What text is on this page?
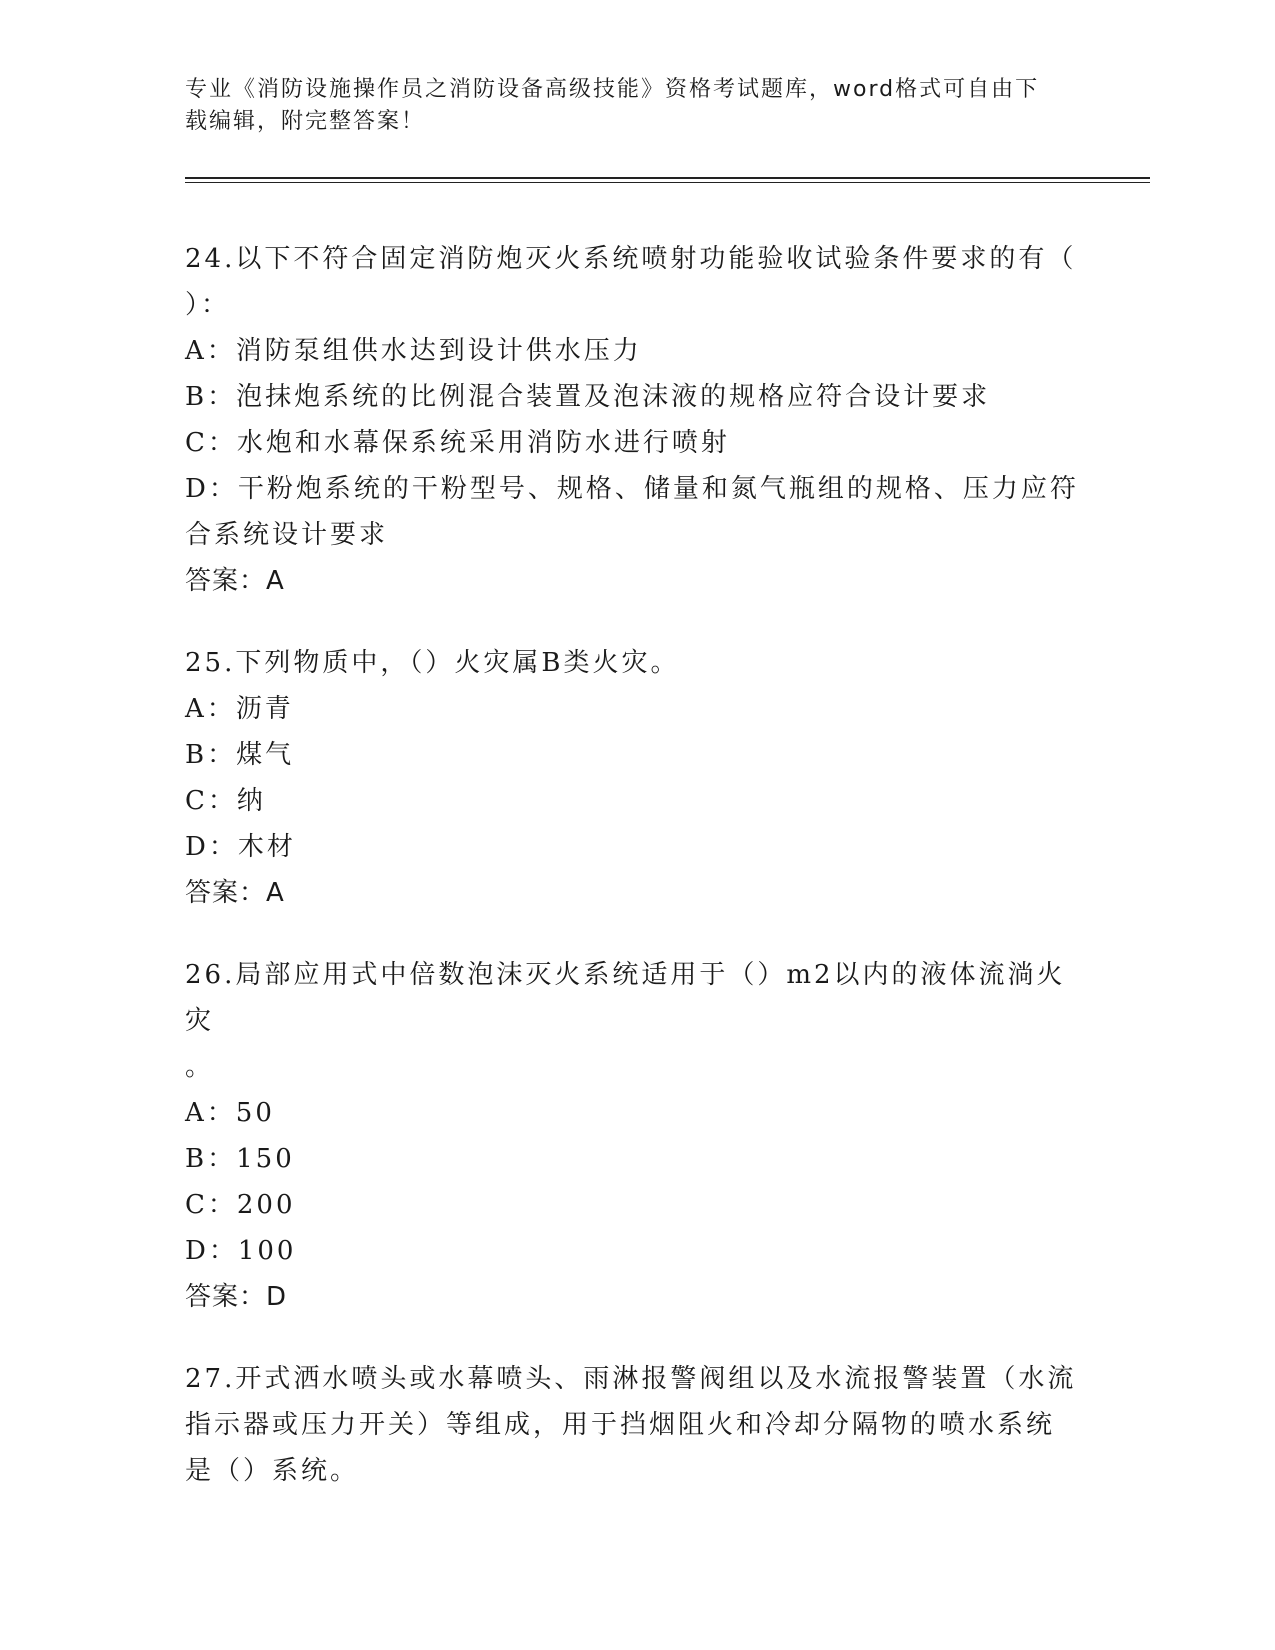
专业《消防设施操作员之消防设备高级技能》资格考试题库，word格式可自由下
载编辑，附完整答案！

24.以下不符合固定消防炮灭火系统喷射功能验收试验条件要求的有（

）：

A：消防泵组供水达到设计供水压力

B：泡抹炮系统的比例混合装置及泡沫液的规格应符合设计要求

C：水炮和水幕保系统采用消防水进行喷射

D：干粉炮系统的干粉型号、规格、储量和氮气瓶组的规格、压力应符

合系统设计要求

答案：A

25.下列物质中，（）火灾属B类火灾。

A：沥青

B：煤气

C：纳

D：木材

答案：A

26.局部应用式中倍数泡沫灭火系统适用于（）m2以内的液体流淌火灾

。

A：50

B：150

C：200

D：100

答案：D

27.开式洒水喷头或水幕喷头、雨淋报警阀组以及水流报警装置（水流

指示器或压力开关）等组成，用于挡烟阻火和冷却分隔物的喷水系统

是（）系统。
